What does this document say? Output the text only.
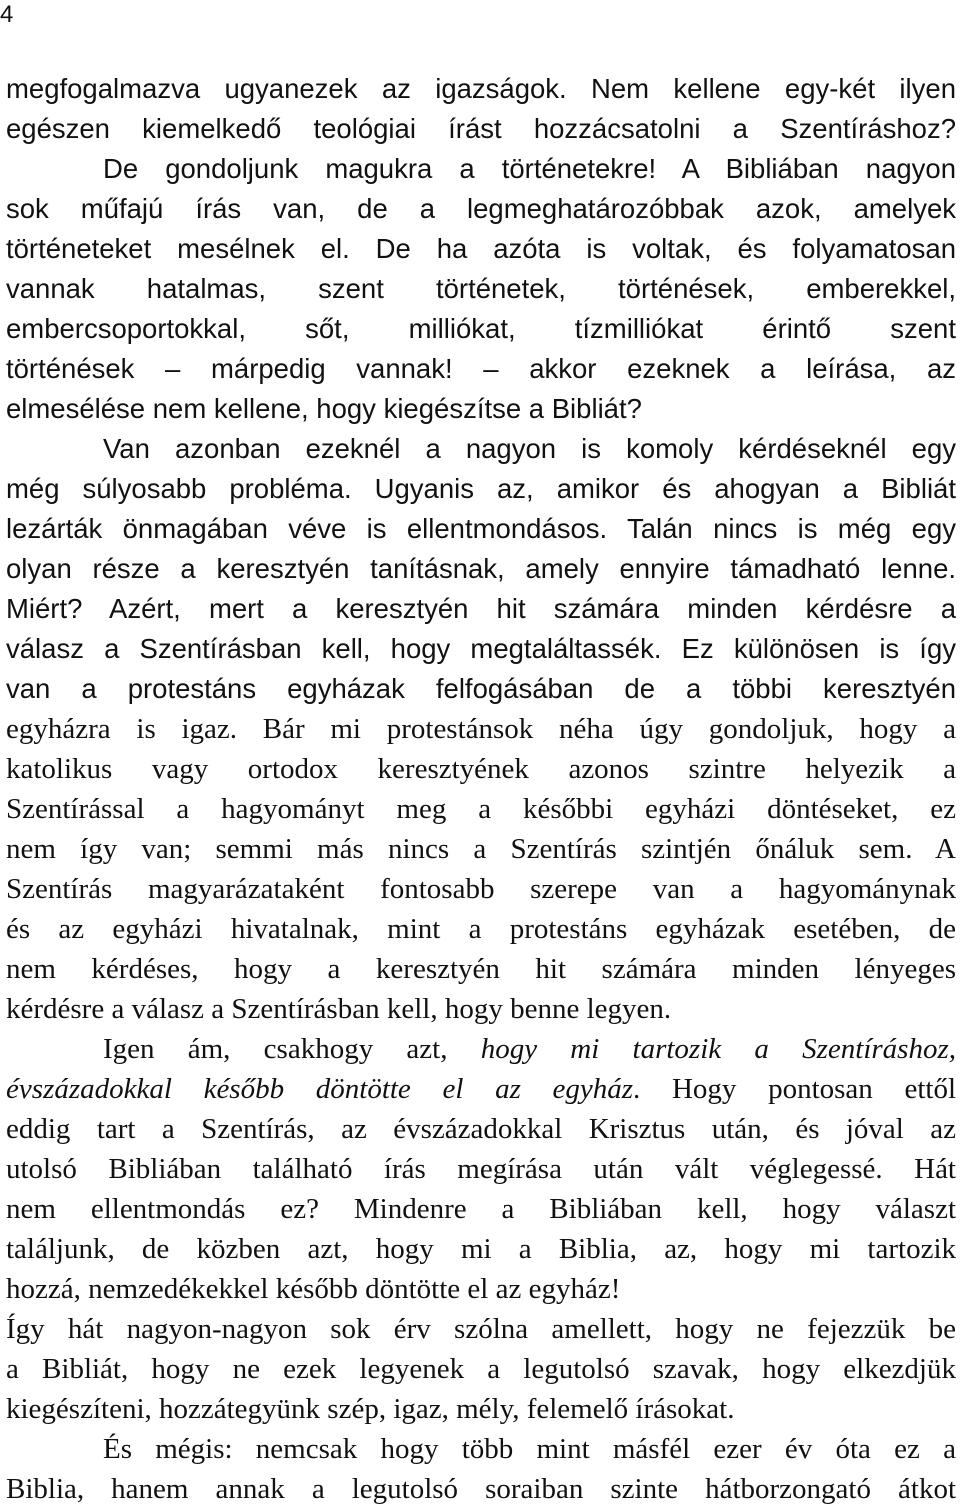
4
megfogalmazva ugyanezek az igazságok. Nem kellene egy-két ilyen
egészen kiemelkedő teológiai írást hozzácsatolni a Szentíráshoz?
De gondoljunk magukra a történetekre! A Bibliában nagyon
sok műfajú írás van, de a legmeghatározóbbak azok, amelyek
történeteket mesélnek el. De ha azóta is voltak, és folyamatosan
vannak hatalmas, szent történetek, történések, emberekkel,
embercsoportokkal, sőt, milliókat, tízmilliókat érintő szent
történések – márpedig vannak! – akkor ezeknek a leírása, az
elmesélése nem kellene, hogy kiegészítse a Bibliát?
Van azonban ezeknél a nagyon is komoly kérdéseknél egy
még súlyosabb probléma. Ugyanis az, amikor és ahogyan a Bibliát
lezárták önmagában véve is ellentmondásos. Talán nincs is még egy
olyan része a keresztyén tanításnak, amely ennyire támadható lenne.
Miért? Azért, mert a keresztyén hit számára minden kérdésre a
válasz a Szentírásban kell, hogy megtaláltassék. Ez különösen is így
van a protestáns egyházak felfogásában de a többi keresztyén
egyházra is igaz. Bár mi protestánsok néha úgy gondoljuk, hogy a
katolikus vagy ortodox keresztyének azonos szintre helyezik a
Szentírással a hagyományt meg a későbbi egyházi döntéseket, ez
nem így van; semmi más nincs a Szentírás szintjén őnáluk sem. A
Szentírás magyarázataként fontosabb szerepe van a hagyománynak
és az egyházi hivatalnak, mint a protestáns egyházak esetében, de
nem kérdéses, hogy a keresztyén hit számára minden lényeges
kérdésre a válasz a Szentírásban kell, hogy benne legyen.
Igen ám, csakhogy azt, hogy mi tartozik a Szentíráshoz,
évszázadokkal később döntötte el az egyház. Hogy pontosan ettől
eddig tart a Szentírás, az évszázadokkal Krisztus után, és jóval az
utolsó Bibliában található írás megírása után vált véglegessé. Hát
nem ellentmondás ez? Mindenre a Bibliában kell, hogy választ
találjunk, de közben azt, hogy mi a Biblia, az, hogy mi tartozik
hozzá, nemzedékekkel később döntötte el az egyház!
Így hát nagyon-nagyon sok érv szólna amellett, hogy ne fejezzük be
a Bibliát, hogy ne ezek legyenek a legutolsó szavak, hogy elkezdjük
kiegészíteni, hozzátegyünk szép, igaz, mély, felemelő írásokat.
És mégis: nemcsak hogy több mint másfél ezer év óta ez a
Biblia, hanem annak a legutolsó soraiban szinte hátborzongató átkot
